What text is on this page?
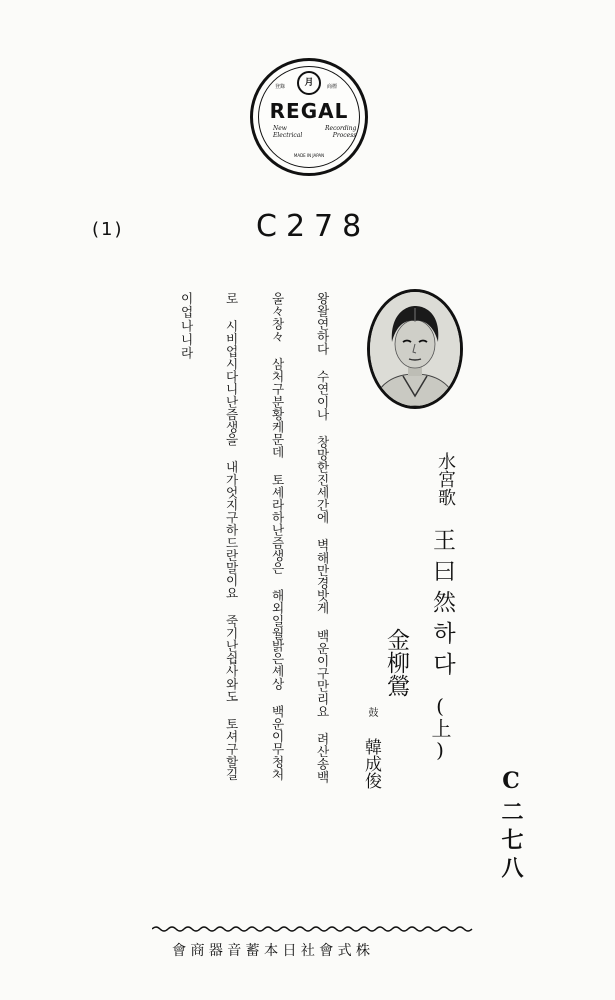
月
登錄	商標
REGAL
New
Electrical
Recording
Process
MADE IN JAPAN
(1)	C278
왕왈연하다 수연이나 창망한진세간에 벽해만경밧게 백운이구만리요 려산송백
울々창々 삼처구분황케문데 토셰라하난즘생은 해외일월밝은셰상 백운이무청처
로 시비업시다니난즘생을 내가엇지구하드란말이요 죽기난쉽사와도 토셔구할길
이업나니라
水宮歌
王曰然하다
(上)
金柳鶯
鼓
韓成俊
C二七八
會商器音蓄本日社會式株
